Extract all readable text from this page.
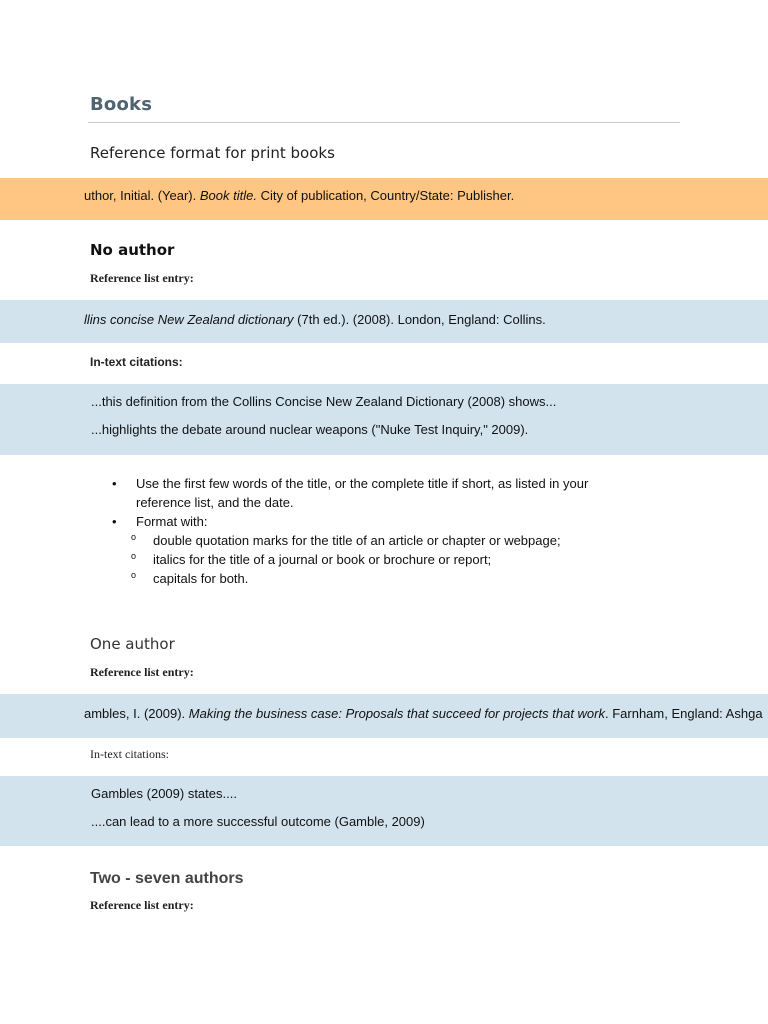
Books
Reference format for print books
uthor, Initial. (Year). Book title. City of publication, Country/State: Publisher.
No author
Reference list entry:
llins concise New Zealand dictionary (7th ed.). (2008). London, England: Collins.
In-text citations:
...this definition from the Collins Concise New Zealand Dictionary (2008) shows...
...highlights the debate around nuclear weapons ("Nuke Test Inquiry," 2009).
• Use the first few words of the title, or the complete title if short, as listed in your reference list, and the date.
• Format with:
o double quotation marks for the title of an article or chapter or webpage;
o italics for the title of a journal or book or brochure or report;
o capitals for both.
One author
Reference list entry:
ambles, I. (2009). Making the business case: Proposals that succeed for projects that work. Farnham, England: Ashga
In-text citations:
Gambles (2009) states....
....can lead to a more successful outcome (Gamble, 2009)
Two - seven authors
Reference list entry:
